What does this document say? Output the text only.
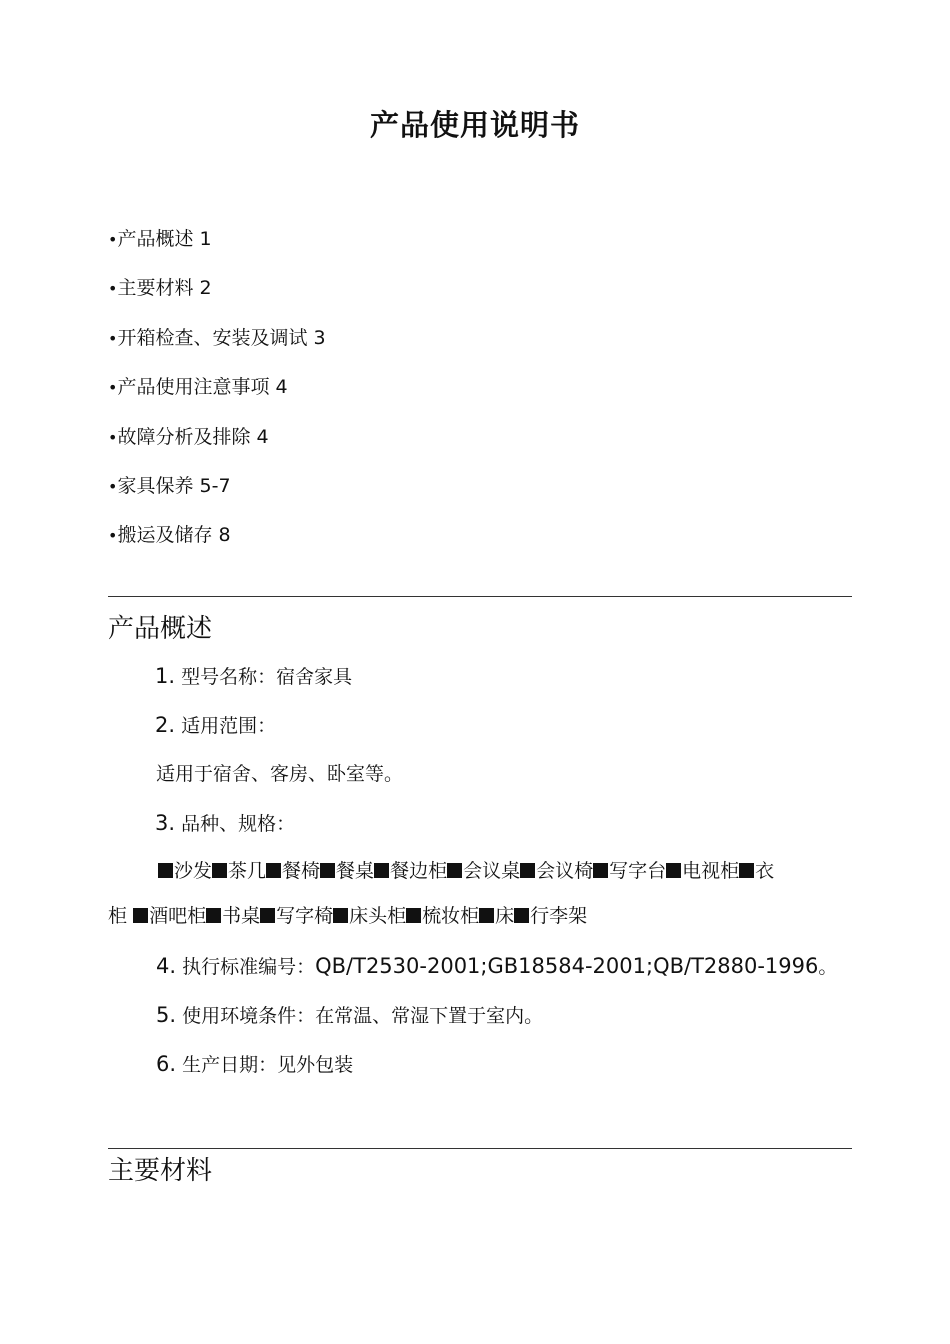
产品使用说明书
•产品概述 1
•主要材料 2
•开箱检查、安装及调试 3
•产品使用注意事项 4
•故障分析及排除 4
•家具保养 5-7
•搬运及储存 8
产品概述
1. 型号名称：宿舍家具
2. 适用范围：
适用于宿舍、客房、卧室等。
3. 品种、规格：
沙发 茶几 餐椅 餐桌 餐边柜 会议桌 会议椅 写字台 电视柜 衣
柜 酒吧柜 书桌 写字椅 床头柜 梳妆柜 床 行李架
4. 执行标准编号：QB/T2530-2001;GB18584-2001;QB/T2880-1996。
5. 使用环境条件：在常温、常湿下置于室内。
6. 生产日期：见外包装
主要材料
